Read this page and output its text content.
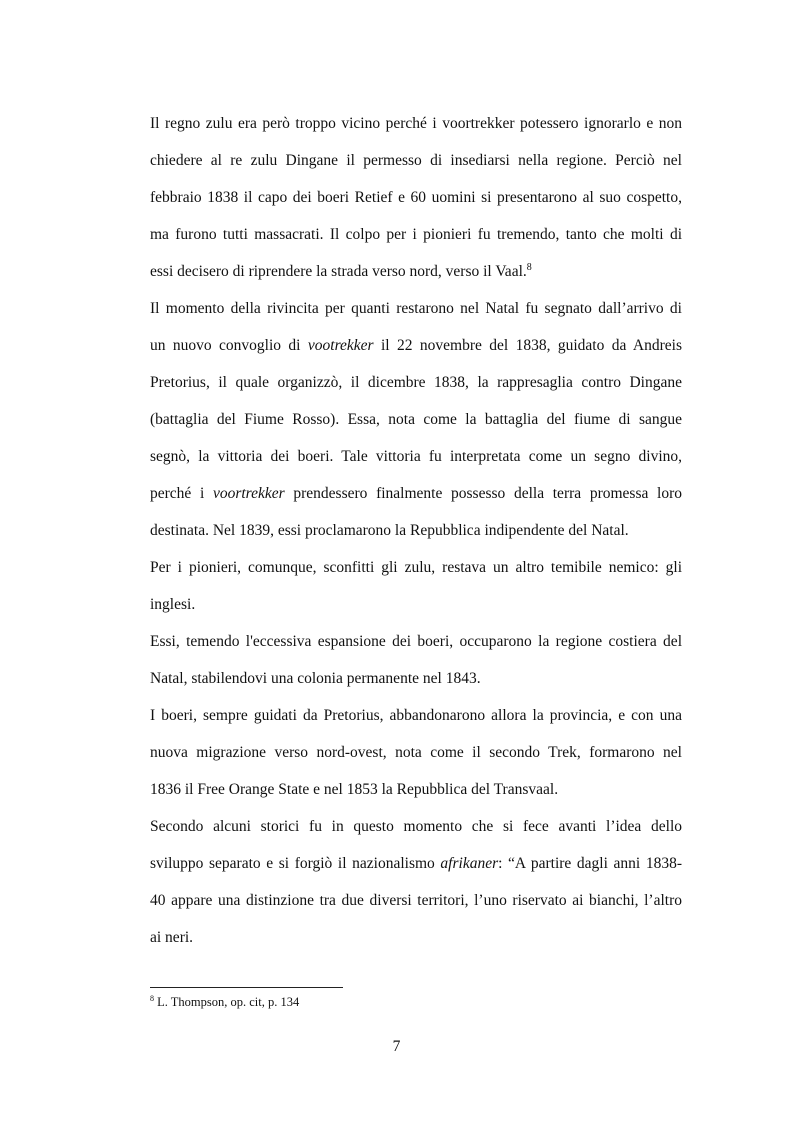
Il regno zulu era però troppo vicino perché i voortrekker potessero ignorarlo e non
chiedere al re zulu Dingane il permesso di insediarsi nella regione. Perciò nel
febbraio 1838 il capo dei boeri Retief e 60 uomini si presentarono al suo cospetto,
ma furono tutti massacrati. Il colpo per i pionieri fu tremendo, tanto che molti di
essi decisero di riprendere la strada verso nord, verso il Vaal.$^8$
Il momento della rivincita per quanti restarono nel Natal fu segnato dall’arrivo di
un nuovo convoglio di vootrekker il 22 novembre del 1838, guidato da Andreis
Pretorius, il quale organizzò, il dicembre 1838, la rappresaglia contro Dingane
(battaglia del Fiume Rosso). Essa, nota come la battaglia del fiume di sangue
segnò, la vittoria dei boeri. Tale vittoria fu interpretata come un segno divino,
perché i voortrekker prendessero finalmente possesso della terra promessa loro
destinata. Nel 1839, essi proclamarono la Repubblica indipendente del Natal.
Per i pionieri, comunque, sconfitti gli zulu, restava un altro temibile nemico: gli
inglesi.
Essi, temendo l'eccessiva espansione dei boeri, occuparono la regione costiera del
Natal, stabilendovi una colonia permanente nel 1843.
I boeri, sempre guidati da Pretorius, abbandonarono allora la provincia, e con una
nuova migrazione verso nord-ovest, nota come il secondo Trek, formarono nel
1836 il Free Orange State e nel 1853 la Repubblica del Transvaal.
Secondo alcuni storici fu in questo momento che si fece avanti l’idea dello
sviluppo separato e si forgiò il nazionalismo afrikaner: “A partire dagli anni 1838-
40 appare una distinzione tra due diversi territori, l’uno riservato ai bianchi, l’altro
ai neri.
$^8$ L. Thompson, op. cit, p. 134
7
